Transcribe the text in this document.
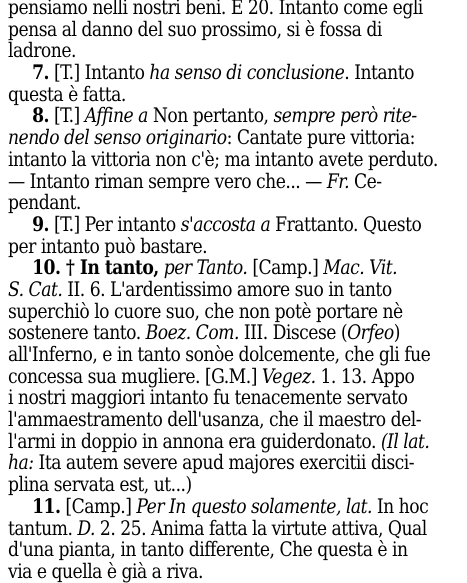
pensiamo nelli nostri beni. E 20. Intanto come egli
pensa al danno del suo prossimo, si è fossa di
ladrone.
7. [T.] Intanto ha senso di conclusione. Intanto
questa è fatta.
8. [T.] Affine a Non pertanto, sempre però rite-
nendo del senso originario: Cantate pure vittoria:
intanto la vittoria non c'è; ma intanto avete perduto.
— Intanto riman sempre vero che... — Fr. Ce-
pendant.
9. [T.] Per intanto s'accosta a Frattanto. Questo
per intanto può bastare.
10. † In tanto, per Tanto. [Camp.] Mac. Vit.
S. Cat. II. 6. L'ardentissimo amore suo in tanto
superchiò lo cuore suo, che non potè portare nè
sostenere tanto. Boez. Com. III. Discese (Orfeo)
all'Inferno, e in tanto sonòe dolcemente, che gli fue
concessa sua mugliere. [G.M.] Vegez. 1. 13. Appo
i nostri maggiori intanto fu tenacemente servato
l'ammaestramento dell'usanza, che il maestro del-
l'armi in doppio in annona era guiderdonato. (Il lat.
ha: Ita autem severe apud majores exercitii disci-
plina servata est, ut...)
11. [Camp.] Per In questo solamente, lat. In hoc
tantum. D. 2. 25. Anima fatta la virtute attiva, Qual
d'una pianta, in tanto differente, Che questa è in
via e quella è già a riva.
